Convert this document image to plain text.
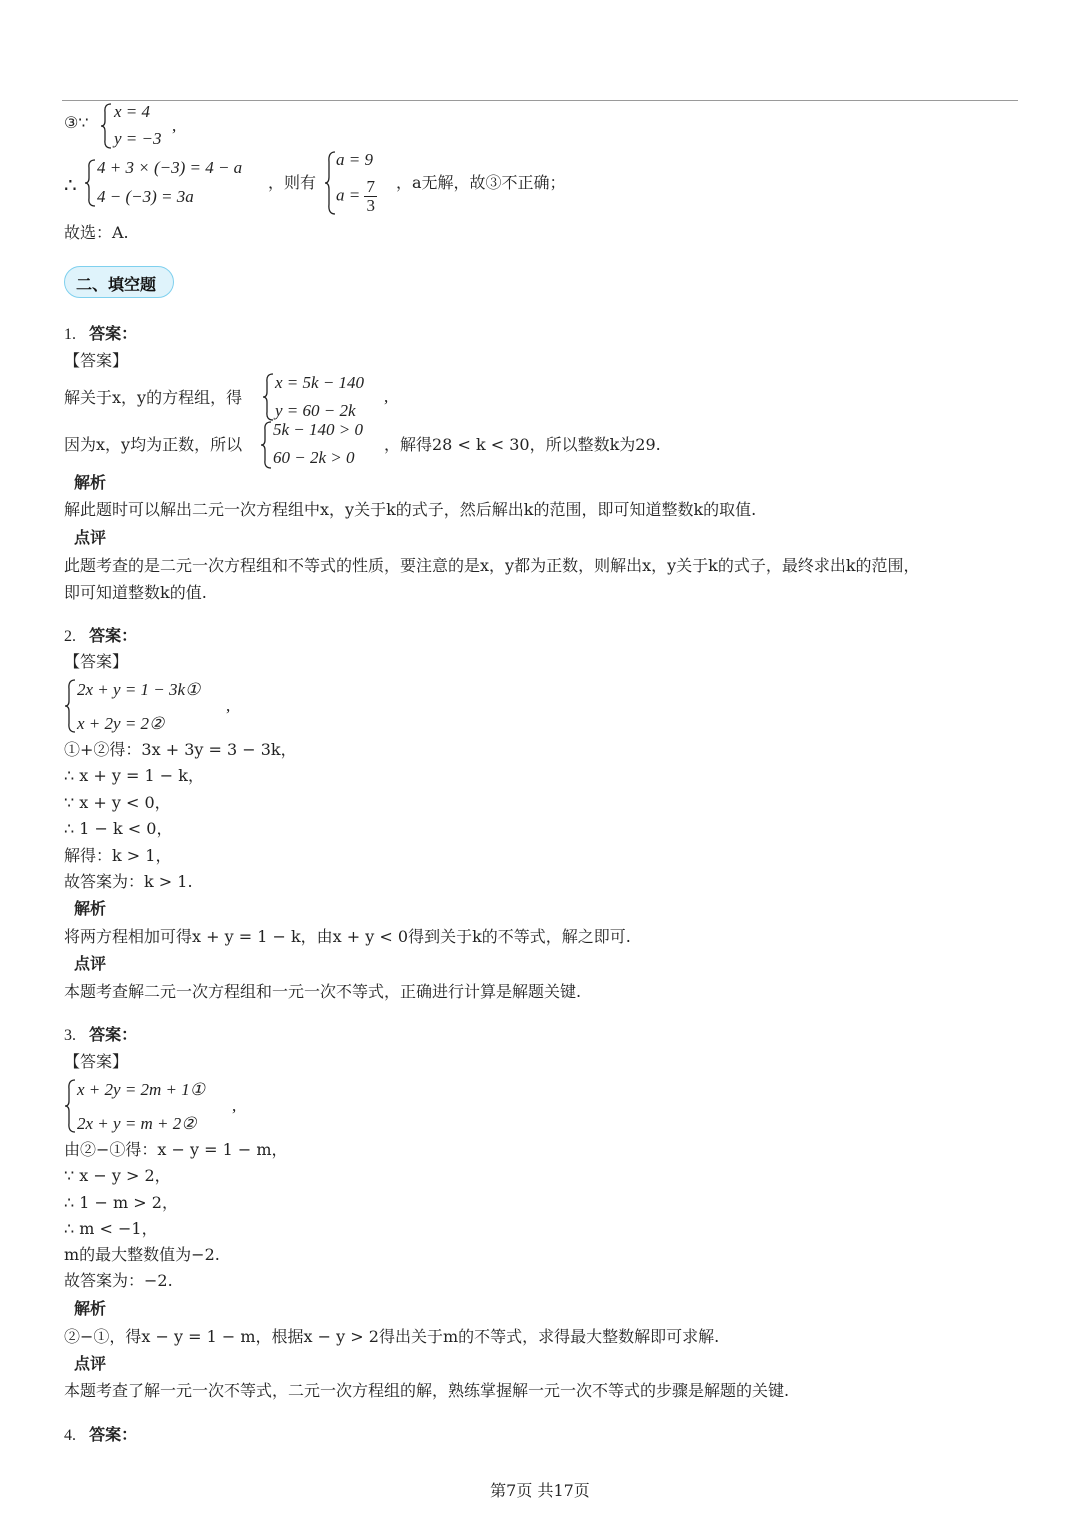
③∵
x = 4
y = −3
,
∴
4 + 3 × (−3) = 4 − a
4 − (−3) = 3a
，则有
a = 9
$a = \frac{7}{3}$ ，a无解，故③不正确；
故选：A.
二、填空题
1. 答案：
【答案】
解关于x，y的方程组，得
x = 5k − 140
y = 60 − 2k
,
因为x，y均为正数，所以
5k − 140 > 0
60 − 2k > 0
，解得28 < k < 30，所以整数k为29.
解析
解此题时可以解出二元一次方程组中x，y关于k的式子，然后解出k的范围，即可知道整数k的取值.
点评
此题考查的是二元一次方程组和不等式的性质，要注意的是x，y都为正数，则解出x，y关于k的式子，最终求出k的范围，
即可知道整数k的值.
2. 答案：
【答案】
2x + y = 1 − 3k①
x + 2y = 2②
,
①+②得：3x + 3y = 3 − 3k，
∴ x + y = 1 − k，
∵ x + y < 0，
∴ 1 − k < 0，
解得：k > 1，
故答案为：k > 1.
解析
将两方程相加可得x + y = 1 − k，由x + y < 0得到关于k的不等式，解之即可.
点评
本题考查解二元一次方程组和一元一次不等式，正确进行计算是解题关键.
3. 答案：
【答案】
x + 2y = 2m + 1①
2x + y = m + 2②
,
由②−①得：x − y = 1 − m，
∵ x − y > 2，
∴ 1 − m > 2，
∴ m < −1，
m的最大整数值为−2.
故答案为：−2.
解析
②−①，得x − y = 1 − m，根据x − y > 2得出关于m的不等式，求得最大整数解即可求解.
点评
本题考查了解一元一次不等式，二元一次方程组的解，熟练掌握解一元一次不等式的步骤是解题的关键.
4. 答案：
第7页 共17页
